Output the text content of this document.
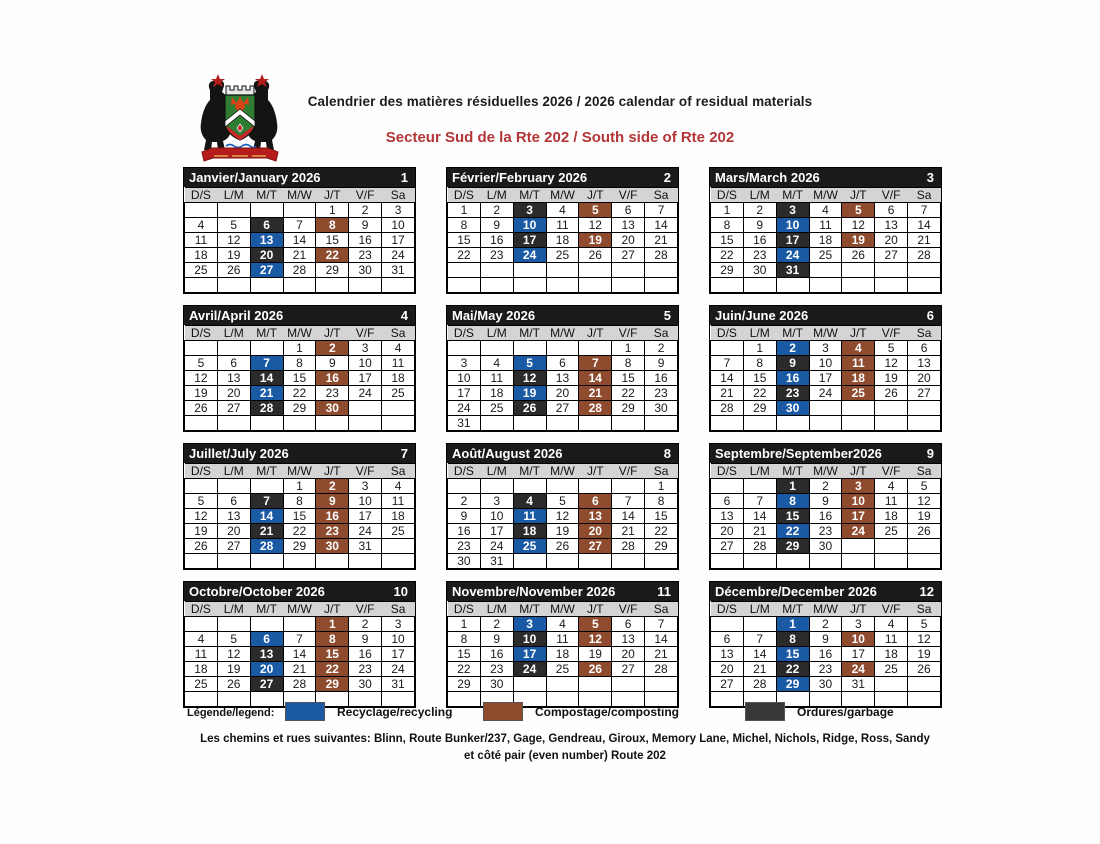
Calendrier des matières résiduelles 2026 / 2026 calendar of residual materials
Secteur Sud de la Rte 202 / South side of Rte 202
Janvier/January 2026	1
D/S	L/M	M/T	M/W	J/T	V/F	Sa
				1	2	3
4	5	6	7	8	9	10
11	12	13	14	15	16	17
18	19	20	21	22	23	24
25	26	27	28	29	30	31

Février/February 2026	2
D/S	L/M	M/T	M/W	J/T	V/F	Sa
1	2	3	4	5	6	7
8	9	10	11	12	13	14
15	16	17	18	19	20	21
22	23	24	25	26	27	28

Mars/March 2026	3
D/S	L/M	M/T	M/W	J/T	V/F	Sa
1	2	3	4	5	6	7
8	9	10	11	12	13	14
15	16	17	18	19	20	21
22	23	24	25	26	27	28
29	30	31				

Avril/April 2026	4
D/S	L/M	M/T	M/W	J/T	V/F	Sa
			1	2	3	4
5	6	7	8	9	10	11
12	13	14	15	16	17	18
19	20	21	22	23	24	25
26	27	28	29	30		

Mai/May 2026	5
D/S	L/M	M/T	M/W	J/T	V/F	Sa
					1	2
3	4	5	6	7	8	9
10	11	12	13	14	15	16
17	18	19	20	21	22	23
24	25	26	27	28	29	30
31						
Juin/June 2026	6
D/S	L/M	M/T	M/W	J/T	V/F	Sa
	1	2	3	4	5	6
7	8	9	10	11	12	13
14	15	16	17	18	19	20
21	22	23	24	25	26	27
28	29	30				

Juillet/July 2026	7
D/S	L/M	M/T	M/W	J/T	V/F	Sa
			1	2	3	4
5	6	7	8	9	10	11
12	13	14	15	16	17	18
19	20	21	22	23	24	25
26	27	28	29	30	31	

Août/August 2026	8
D/S	L/M	M/T	M/W	J/T	V/F	Sa
						1
2	3	4	5	6	7	8
9	10	11	12	13	14	15
16	17	18	19	20	21	22
23	24	25	26	27	28	29
30	31					
Septembre/September2026	9
D/S	L/M	M/T	M/W	J/T	V/F	Sa
		1	2	3	4	5
6	7	8	9	10	11	12
13	14	15	16	17	18	19
20	21	22	23	24	25	26
27	28	29	30			

Octobre/October 2026	10
D/S	L/M	M/T	M/W	J/T	V/F	Sa
				1	2	3
4	5	6	7	8	9	10
11	12	13	14	15	16	17
18	19	20	21	22	23	24
25	26	27	28	29	30	31

Novembre/November 2026	11
D/S	L/M	M/T	M/W	J/T	V/F	Sa
1	2	3	4	5	6	7
8	9	10	11	12	13	14
15	16	17	18	19	20	21
22	23	24	25	26	27	28
29	30					

Décembre/December 2026	12
D/S	L/M	M/T	M/W	J/T	V/F	Sa
		1	2	3	4	5
6	7	8	9	10	11	12
13	14	15	16	17	18	19
20	21	22	23	24	25	26
27	28	29	30	31		

Légende/legend:	Recyclage/recycling	Compostage/composting	Ordures/garbage
Les chemins et rues suivantes: Blinn, Route Bunker/237, Gage, Gendreau, Giroux, Memory Lane, Michel, Nichols, Ridge, Ross, Sandy
et côté pair (even number) Route 202
